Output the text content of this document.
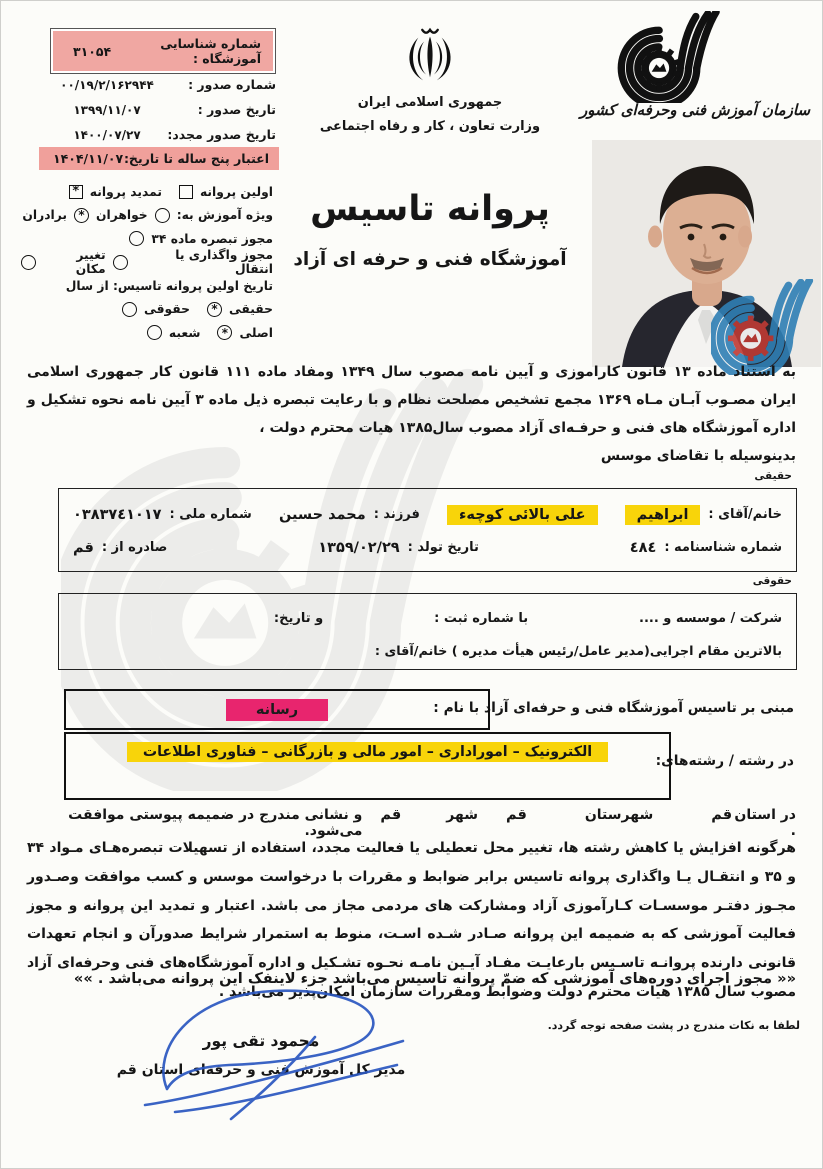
شماره شناسایی آموزشگاه :
۳۱۰۵۴
شماره صدور :
۰۰/۱۹/۲/۱۶۲۹۴۴
تاریخ صدور :
۱۳۹۹/۱۱/۰۷
تاریخ صدور مجدد:
۱۴۰۰/۰۷/۲۷
اعتبار پنج ساله تا تاریخ:
۱۴۰۴/۱۱/۰۷
اولین پروانه
تمدید پروانه
*
ویژه آموزش به:
خواهران
*
برادران
مجوز تبصره ماده ۳۴
مجوز واگذاری یا انتقال
تغییر مکان
تاریخ اولین پروانه تاسیس: از سال
حقیقی
*
حقوقی
اصلی
*
شعبه
جمهوری اسلامی ایران
وزارت تعاون ، کار و رفاه اجتماعی
پروانه تاسیس
آموزشگاه فنی و حرفه ای آزاد
سازمان آموزش فنی وحرفه‌ای کشور

به استناد ماده ۱۳ قانون کاراموزی و آیین نامه مصوب سال ۱۳۴۹ ومفاد ماده ۱۱۱ قانون کار جمهوری اسلامی ایران مصـوب آبـان مـاه ۱۳۶۹ مجمع تشخیص مصلحت نظام و با رعایت تبصره ذیل ماده ۳ آیین نامه نحوه تشکیل و اداره آموزشگاه های فنی و حرفـه‌ای آزاد مصوب سال۱۳۸۵ هیات محترم دولت ،

بدینوسیله با تقاضای موسس

حقیقی
خانم/آقای :
ابراهیم
علی بالائی کوچهء
فرزند :
محمد حسین
شماره ملی :
٠٣٨٣٧٤١٠١٧
شماره شناسنامه :
٤٨٤
تاریخ تولد :
۱۳۵۹/۰۲/۲۹
صادره از :
قم
حقوقی
شرکت / موسسه و ....
با شماره ثبت :
و تاریخ:
بالاترین مقام اجرایی(مدیر عامل/رئیس هیأت مدیره ) خانم/آقای :
مبنی بر تاسیس آموزشگاه فنی و حرفه‌ای آزاد با نام :
رسانه
در رشته / رشته‌های:
الکترونیک – اموراداری – امور مالی و بازرگانی – فناوری اطلاعات
در استان .
قم
شهرستان
قم
شهر
قم
و نشانی مندرج در ضمیمه پیوستی موافقت می‌شود.
هرگونه افزایش یا کاهش رشته ها، تغییر محل تعطیلی یا فعالیت مجدد، استفاده از تسهیلات تبصره‌هـای مـواد ۳۴ و ۳۵ و انتقـال یـا واگذاری پروانه تاسیس برابر ضوابط و مقررات با درخواست موسس و کسب موافقت وصـدور مجـوز دفتـر موسسـات کـارآموزی آزاد ومشارکت های مردمی مجاز می باشد. اعتبار و تمدید این پروانه و مجوز فعالیت آموزشی که به ضمیمه این پروانه صـادر شـده اسـت، منوط به استمرار شرایط صدورآن و انجام تعهدات قانونی دارنده پروانـه تاسـیس بارعایـت مفـاد آیـین نامـه نحـوه تشـکیل و اداره آموزشگاه‌های فنی وحرفه‌ای آزاد مصوب سال ۱۳۸۵ هیات محترم دولت وضوابط ومقررات سازمان امکان‌پذیر می‌باشد .
«« مجوز اجرای دوره‌های آموزشی که ضمّ پروانه تاسیس می‌باشد جزء لاینفک این پروانه می‌باشد . »»
لطفا به نکات مندرج در پشت صفحه توجه گردد.
محمود تقی پور
مدیر کل آموزش فنی و حرفه‌ای استان قم
